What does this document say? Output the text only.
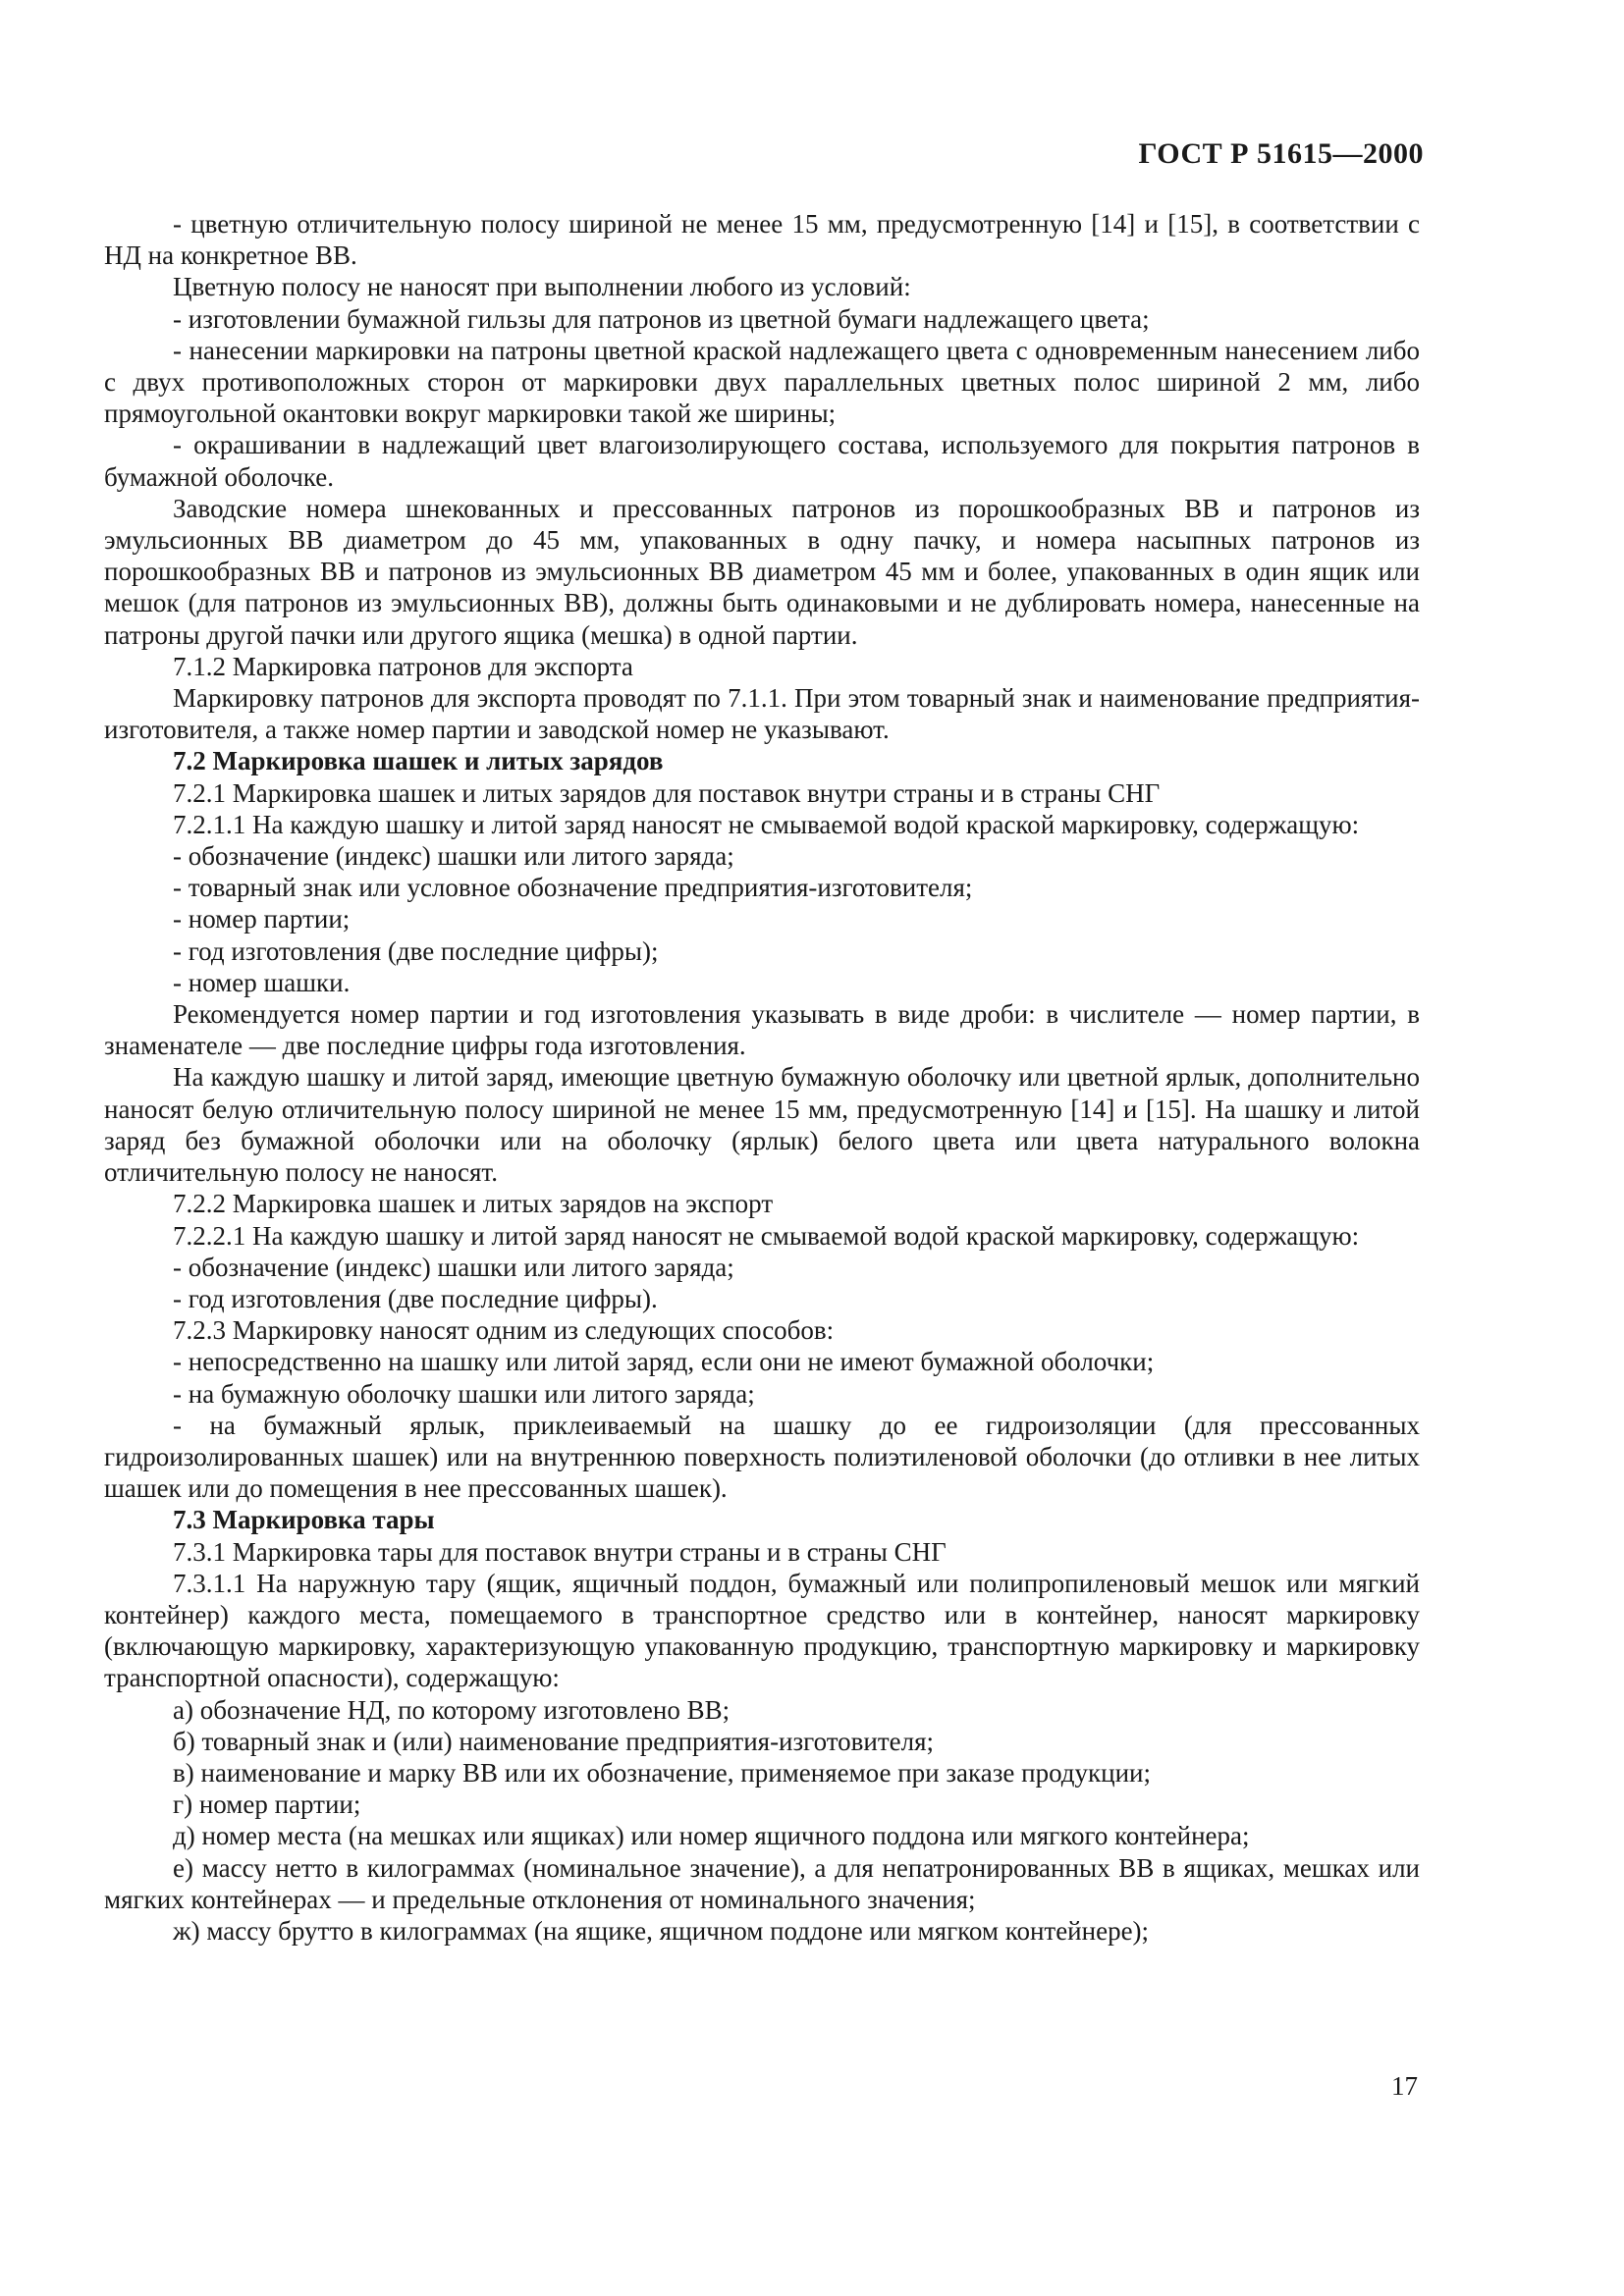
ГОСТ Р 51615—2000

- цветную отличительную полосу шириной не менее 15 мм, предусмотренную [14] и [15], в соответствии с НД на конкретное ВВ.

Цветную полосу не наносят при выполнении любого из условий:

- изготовлении бумажной гильзы для патронов из цветной бумаги надлежащего цвета;

- нанесении маркировки на патроны цветной краской надлежащего цвета с одновременным нанесением либо с двух противоположных сторон от маркировки двух параллельных цветных полос шириной 2 мм, либо прямоугольной окантовки вокруг маркировки такой же ширины;

- окрашивании в надлежащий цвет влагоизолирующего состава, используемого для покрытия патронов в бумажной оболочке.

Заводские номера шнекованных и прессованных патронов из порошкообразных ВВ и патронов из эмульсионных ВВ диаметром до 45 мм, упакованных в одну пачку, и номера насыпных патронов из порошкообразных ВВ и патронов из эмульсионных ВВ диаметром 45 мм и более, упакованных в один ящик или мешок (для патронов из эмульсионных ВВ), должны быть одинаковыми и не дублировать номера, нанесенные на патроны другой пачки или другого ящика (мешка) в одной партии.

7.1.2 Маркировка патронов для экспорта

Маркировку патронов для экспорта проводят по 7.1.1. При этом товарный знак и наименование предприятия-изготовителя, а также номер партии и заводской номер не указывают.

7.2 Маркировка шашек и литых зарядов

7.2.1 Маркировка шашек и литых зарядов для поставок внутри страны и в страны СНГ

7.2.1.1 На каждую шашку и литой заряд наносят не смываемой водой краской маркировку, содержащую:

- обозначение (индекс) шашки или литого заряда;

- товарный знак или условное обозначение предприятия-изготовителя;

- номер партии;

- год изготовления (две последние цифры);

- номер шашки.

Рекомендуется номер партии и год изготовления указывать в виде дроби: в числителе — номер партии, в знаменателе — две последние цифры года изготовления.

На каждую шашку и литой заряд, имеющие цветную бумажную оболочку или цветной ярлык, дополнительно наносят белую отличительную полосу шириной не менее 15 мм, предусмотренную [14] и [15]. На шашку и литой заряд без бумажной оболочки или на оболочку (ярлык) белого цвета или цвета натурального волокна отличительную полосу не наносят.

7.2.2 Маркировка шашек и литых зарядов на экспорт

7.2.2.1 На каждую шашку и литой заряд наносят не смываемой водой краской маркировку, содержащую:

- обозначение (индекс) шашки или литого заряда;

- год изготовления (две последние цифры).

7.2.3 Маркировку наносят одним из следующих способов:

- непосредственно на шашку или литой заряд, если они не имеют бумажной оболочки;

- на бумажную оболочку шашки или литого заряда;

- на бумажный ярлык, приклеиваемый на шашку до ее гидроизоляции (для прессованных гидроизолированных шашек) или на внутреннюю поверхность полиэтиленовой оболочки (до отливки в нее литых шашек или до помещения в нее прессованных шашек).

7.3 Маркировка тары

7.3.1 Маркировка тары для поставок внутри страны и в страны СНГ

7.3.1.1 На наружную тару (ящик, ящичный поддон, бумажный или полипропиленовый мешок или мягкий контейнер) каждого места, помещаемого в транспортное средство или в контейнер, наносят маркировку (включающую маркировку, характеризующую упакованную продукцию, транспортную маркировку и маркировку транспортной опасности), содержащую:

а) обозначение НД, по которому изготовлено ВВ;

б) товарный знак и (или) наименование предприятия-изготовителя;

в) наименование и марку ВВ или их обозначение, применяемое при заказе продукции;

г) номер партии;

д) номер места (на мешках или ящиках) или номер ящичного поддона или мягкого контейнера;

е) массу нетто в килограммах (номинальное значение), а для непатронированных ВВ в ящиках, мешках или мягких контейнерах — и предельные отклонения от номинального значения;

ж) массу брутто в килограммах (на ящике, ящичном поддоне или мягком контейнере);

17
